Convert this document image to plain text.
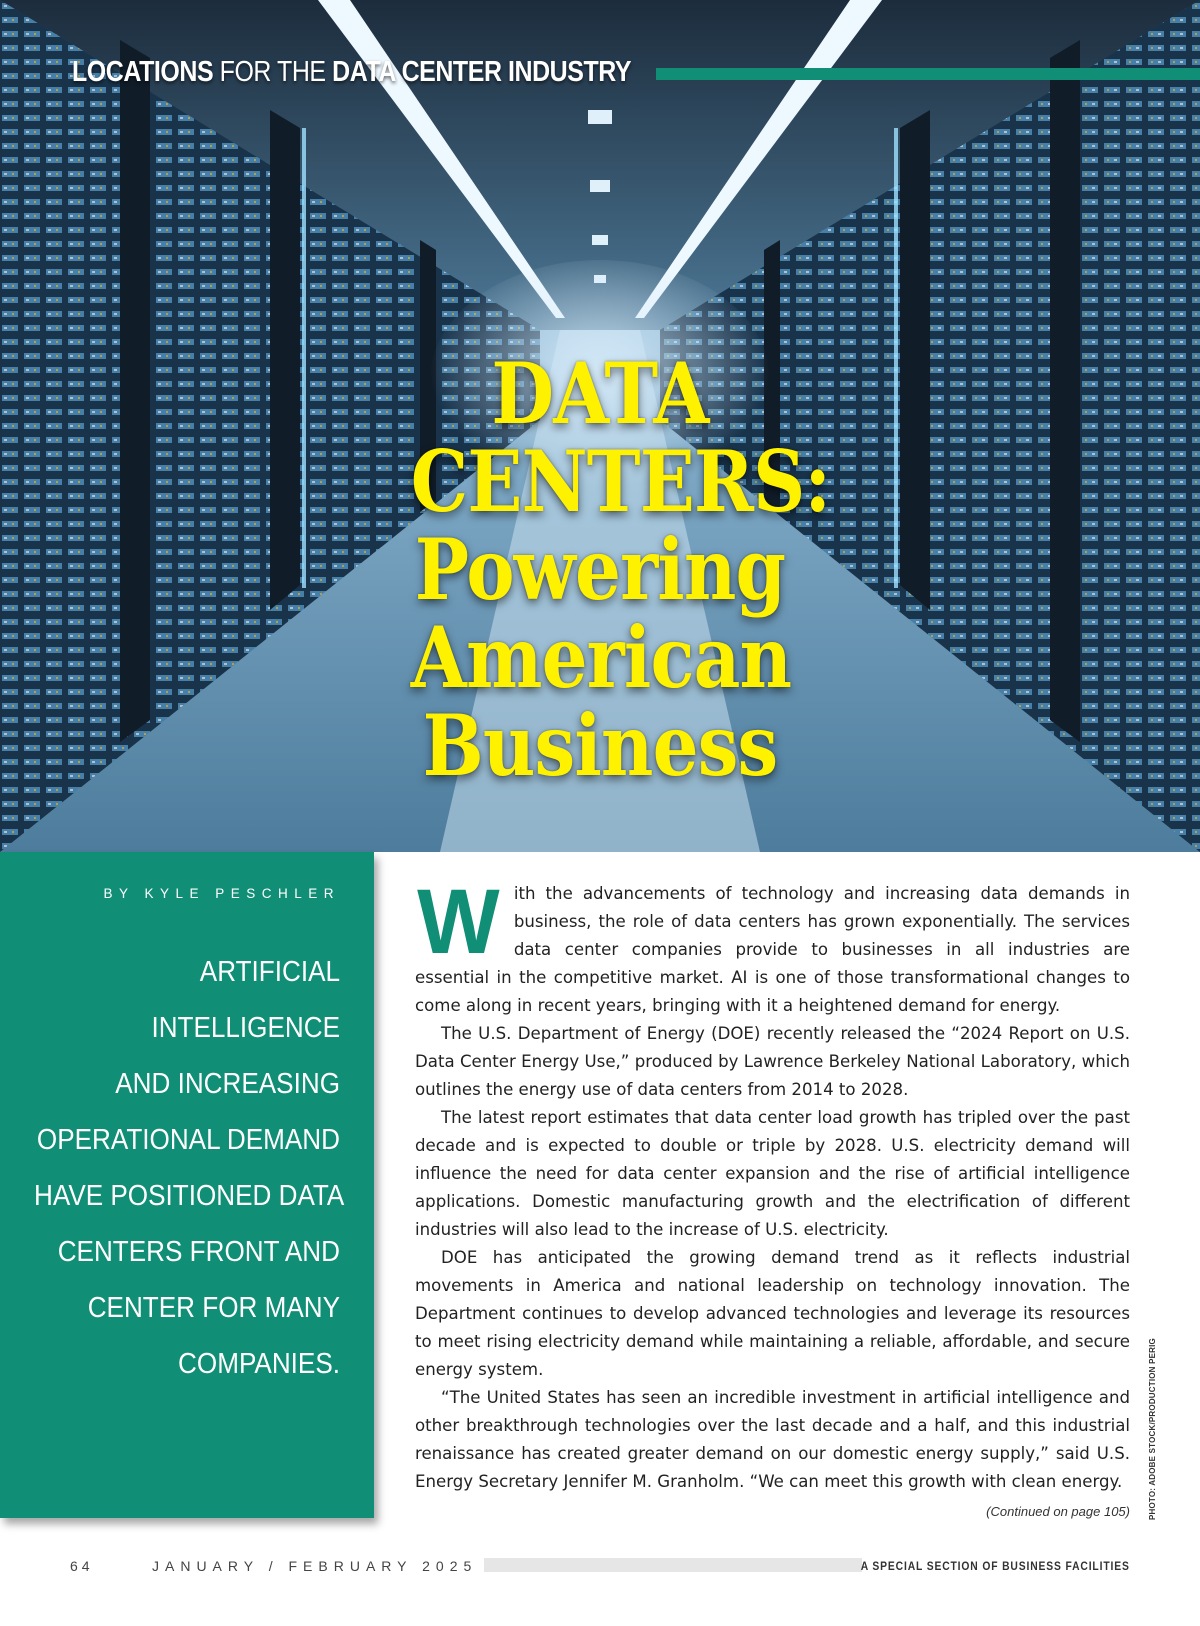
LOCATIONS FOR THE DATA CENTER INDUSTRY
DATA
CENTERS:
Powering
American
Business
BY KYLE PESCHLER
ARTIFICIAL
INTELLIGENCE
AND INCREASING
OPERATIONAL DEMAND
HAVE POSITIONED DATA
CENTERS FRONT AND
CENTER FOR MANY
COMPANIES.

With the advancements of technology and increasing data demands in business, the role of data centers has grown exponentially. The services data center companies provide to businesses in all industries are essential in the competitive market. AI is one of those transformational changes to come along in recent years, bringing with it a heightened demand for energy.

The U.S. Department of Energy (DOE) recently released the “2024 Report on U.S. Data Center Energy Use,” produced by Lawrence Berkeley National Laboratory, which outlines the energy use of data centers from 2014 to 2028.

The latest report estimates that data center load growth has tripled over the past decade and is expected to double or triple by 2028. U.S. electricity demand will influence the need for data center expansion and the rise of artificial intelligence applications. Domestic manufacturing growth and the electrification of different industries will also lead to the increase of U.S. electricity.

DOE has anticipated the growing demand trend as it reflects industrial movements in America and national leadership on technology innovation. The Department continues to develop advanced technologies and leverage its resources to meet rising electricity demand while maintaining a reliable, affordable, and secure energy system.

“The United States has seen an incredible investment in artificial intelligence and other breakthrough technologies over the last decade and a half, and this industrial renaissance has created greater demand on our domestic energy supply,” said U.S. Energy Secretary Jennifer M. Granholm. “We can meet this growth with clean energy.

(Continued on page 105) PHOTO: ADOBE STOCK/PRODUCTION PERIG
64	JANUARY / FEBRUARY 2025	A SPECIAL SECTION OF BUSINESS FACILITIES
